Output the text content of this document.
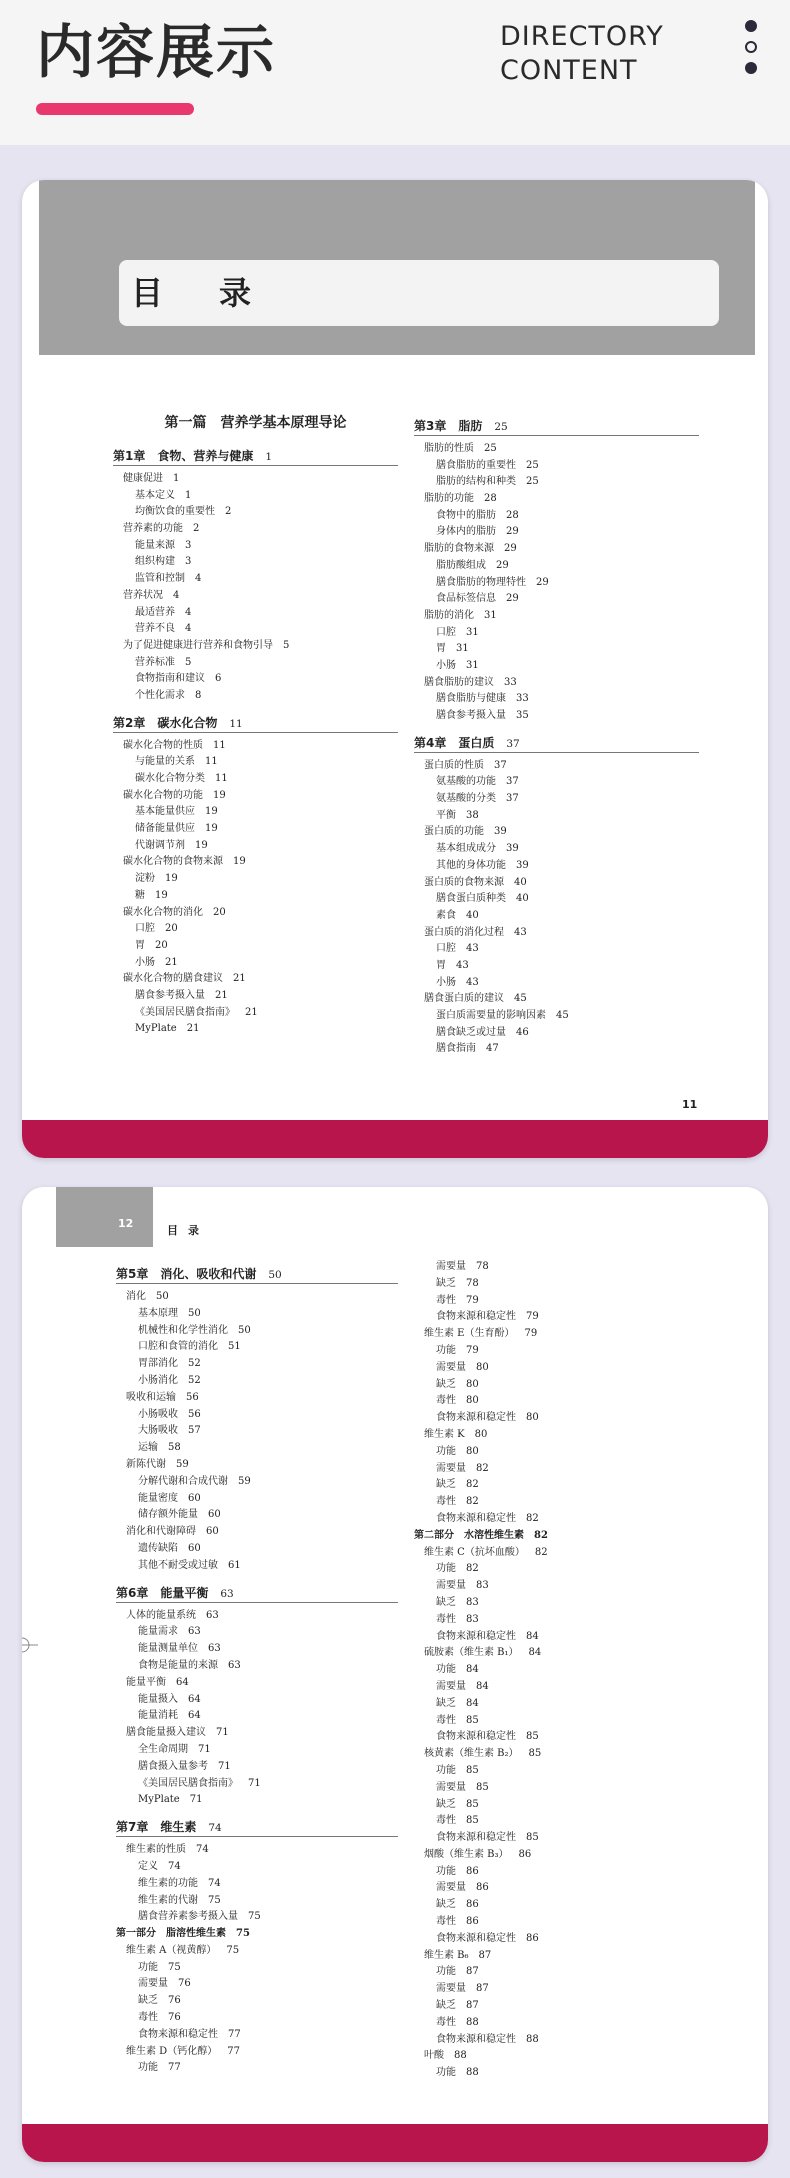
内容展示	DIRECTORY
CONTENT
目录
第一篇　营养学基本原理导论
第1章　食物、营养与健康 1
健康促进 1
基本定义 1
均衡饮食的重要性 2
营养素的功能 2
能量来源 3
组织构建 3
监管和控制 4
营养状况 4
最适营养 4
营养不良 4
为了促进健康进行营养和食物引导 5
营养标准 5
食物指南和建议 6
个性化需求 8
第2章　碳水化合物 11
碳水化合物的性质 11
与能量的关系 11
碳水化合物分类 11
碳水化合物的功能 19
基本能量供应 19
储备能量供应 19
代谢调节剂 19
碳水化合物的食物来源 19
淀粉 19
糖 19
碳水化合物的消化 20
口腔 20
胃 20
小肠 21
碳水化合物的膳食建议 21
膳食参考摄入量 21
《美国居民膳食指南》 21
MyPlate 21
第3章　脂肪 25
脂肪的性质 25
膳食脂肪的重要性 25
脂肪的结构和种类 25
脂肪的功能 28
食物中的脂肪 28
身体内的脂肪 29
脂肪的食物来源 29
脂肪酸组成 29
膳食脂肪的物理特性 29
食品标签信息 29
脂肪的消化 31
口腔 31
胃 31
小肠 31
膳食脂肪的建议 33
膳食脂肪与健康 33
膳食参考摄入量 35
第4章　蛋白质 37
蛋白质的性质 37
氨基酸的功能 37
氨基酸的分类 37
平衡 38
蛋白质的功能 39
基本组成成分 39
其他的身体功能 39
蛋白质的食物来源 40
膳食蛋白质种类 40
素食 40
蛋白质的消化过程 43
口腔 43
胃 43
小肠 43
膳食蛋白质的建议 45
蛋白质需要量的影响因素 45
膳食缺乏或过量 46
膳食指南 47
11
12
目录
第5章　消化、吸收和代谢 50
消化 50
基本原理 50
机械性和化学性消化 50
口腔和食管的消化 51
胃部消化 52
小肠消化 52
吸收和运输 56
小肠吸收 56
大肠吸收 57
运输 58
新陈代谢 59
分解代谢和合成代谢 59
能量密度 60
储存额外能量 60
消化和代谢障碍 60
遗传缺陷 60
其他不耐受或过敏 61
第6章　能量平衡 63
人体的能量系统 63
能量需求 63
能量测量单位 63
食物是能量的来源 63
能量平衡 64
能量摄入 64
能量消耗 64
膳食能量摄入建议 71
全生命周期 71
膳食摄入量参考 71
《美国居民膳食指南》 71
MyPlate 71
第7章　维生素 74
维生素的性质 74
定义 74
维生素的功能 74
维生素的代谢 75
膳食营养素参考摄入量 75
第一部分　脂溶性维生素 75
维生素 A（视黄醇） 75
功能 75
需要量 76
缺乏 76
毒性 76
食物来源和稳定性 77
维生素 D（钙化醇） 77
功能 77
需要量 78
缺乏 78
毒性 79
食物来源和稳定性 79
维生素 E（生育酚） 79
功能 79
需要量 80
缺乏 80
毒性 80
食物来源和稳定性 80
维生素 K 80
功能 80
需要量 82
缺乏 82
毒性 82
食物来源和稳定性 82
第二部分　水溶性维生素 82
维生素 C（抗坏血酸） 82
功能 82
需要量 83
缺乏 83
毒性 83
食物来源和稳定性 84
硫胺素（维生素 B₁） 84
功能 84
需要量 84
缺乏 84
毒性 85
食物来源和稳定性 85
核黄素（维生素 B₂） 85
功能 85
需要量 85
缺乏 85
毒性 85
食物来源和稳定性 85
烟酸（维生素 B₃） 86
功能 86
需要量 86
缺乏 86
毒性 86
食物来源和稳定性 86
维生素 B₆ 87
功能 87
需要量 87
缺乏 87
毒性 88
食物来源和稳定性 88
叶酸 88
功能 88
